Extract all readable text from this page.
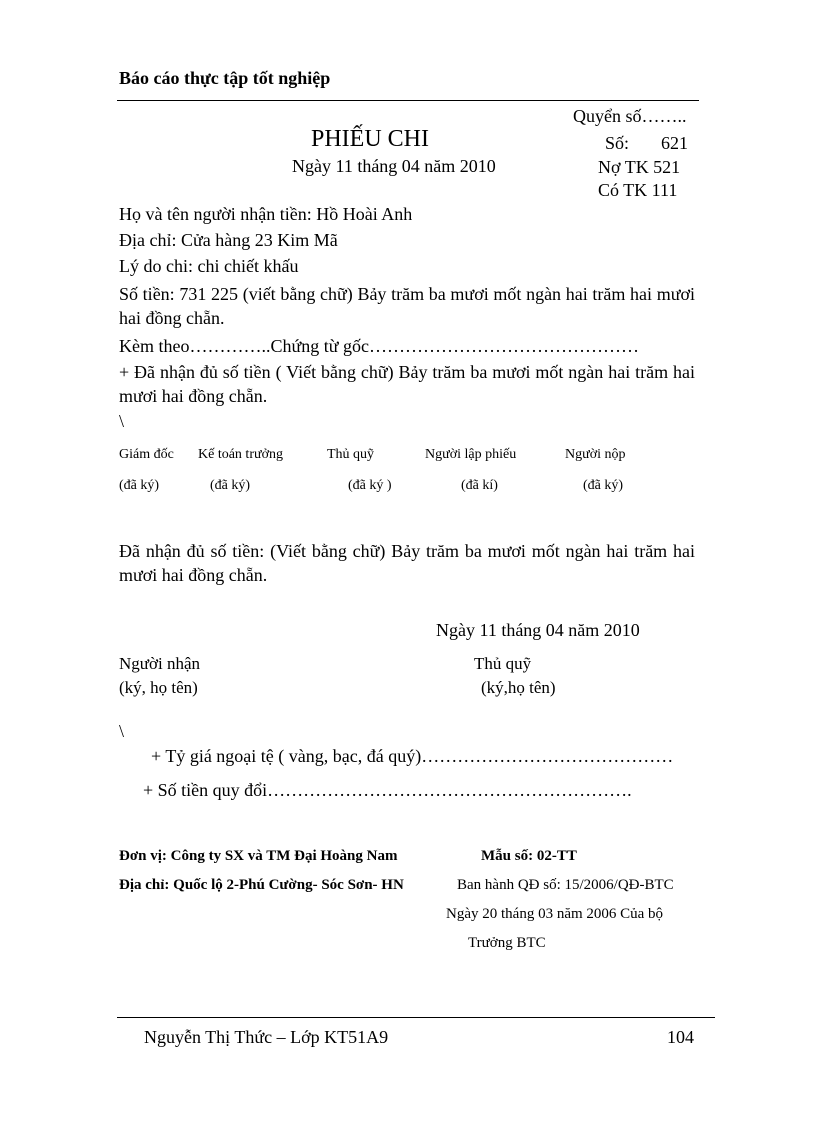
Báo cáo thực tập tốt nghiệp
Quyển số……..
Số: 621
Nợ TK 521
Có TK 111
PHIẾU CHI
Ngày 11 tháng 04 năm 2010
Họ và tên người nhận tiền: Hồ Hoài Anh
Địa chỉ: Cửa hàng 23 Kim Mã
Lý do chi: chi chiết khấu
Số tiền: 731 225 (viết bằng chữ) Bảy trăm ba mươi mốt ngàn hai trăm hai mươi hai đồng chẵn.
Kèm theo…………..Chứng từ gốc………………………………………
+ Đã nhận đủ số tiền ( Viết bằng chữ) Bảy trăm ba mươi mốt ngàn hai trăm hai mươi hai đồng chẵn.
\
Giám đốc Kế toán trưởng	Thủ quỹ	Người lập phiếu	Người nộp
(đã ký)	(đã ký)	(đã ký )	(đã kí)	(đã ký)
Đã nhận đủ số tiền: (Viết bằng chữ) Bảy trăm ba mươi mốt ngàn hai trăm hai mươi hai đồng chẵn.
Ngày 11 tháng 04 năm 2010
Người nhận	Thủ quỹ
(ký, họ tên)	(ký,họ tên)
\
+ Tỷ giá ngoại tệ ( vàng, bạc, đá quý)……………………………………
+ Số tiền quy đổi…………………………………………………….
Đơn vị: Công ty SX và TM Đại Hoàng Nam	Mẫu số: 02-TT
Địa chỉ: Quốc lộ 2-Phú Cường- Sóc Sơn- HN	Ban hành QĐ số: 15/2006/QĐ-BTC
Ngày 20 tháng 03 năm 2006 Của bộ
Trưởng BTC
Nguyễn Thị Thức – Lớp KT51A9	104
